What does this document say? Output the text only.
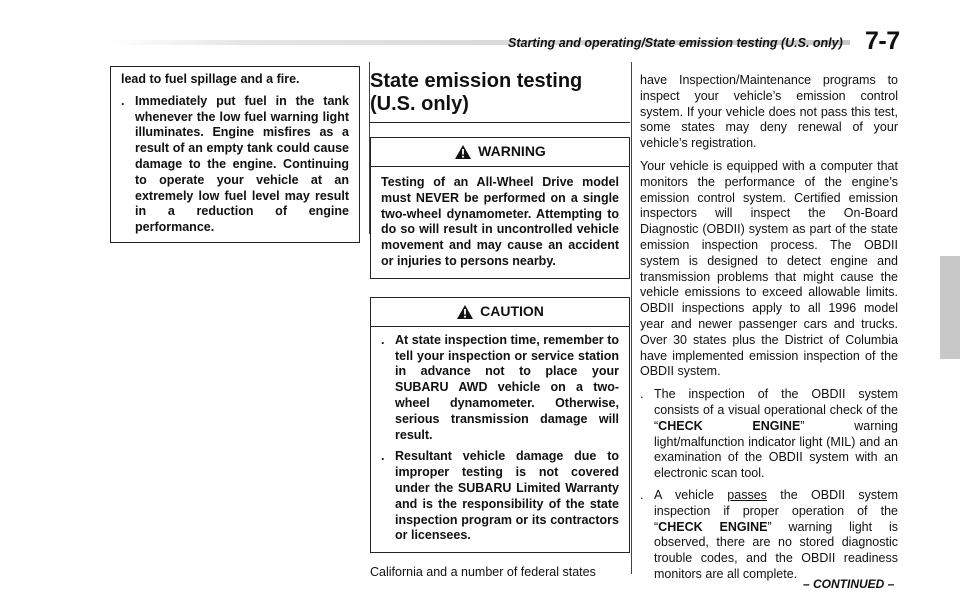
Starting and operating/State emission testing (U.S. only) 7-7

lead to fuel spillage and a fire.

. Immediately put fuel in the tank whenever the low fuel warning light illuminates. Engine misfires as a result of an empty tank could cause damage to the engine. Continuing to operate your vehicle at an extremely low fuel level may result in a reduction of engine performance.
State emission testing (U.S. only)
WARNING
Testing of an All-Wheel Drive model must NEVER be performed on a single two-wheel dynamometer. Attempting to do so will result in uncontrolled vehicle movement and may cause an accident or injuries to persons nearby.
CAUTION
. At state inspection time, remember to tell your inspection or service station in advance not to place your SUBARU AWD vehicle on a two-wheel dynamometer. Otherwise, serious transmission damage will result.
. Resultant vehicle damage due to improper testing is not covered under the SUBARU Limited Warranty and is the responsibility of the state inspection program or its contractors or licensees.
California and a number of federal states

have Inspection/Maintenance programs to inspect your vehicle’s emission control system. If your vehicle does not pass this test, some states may deny renewal of your vehicle’s registration.

Your vehicle is equipped with a computer that monitors the performance of the engine’s emission control system. Certified emission inspectors will inspect the On-Board Diagnostic (OBDII) system as part of the state emission inspection process. The OBDII system is designed to detect engine and transmission problems that might cause the vehicle emissions to exceed allowable limits. OBDII inspections apply to all 1996 model year and newer passenger cars and trucks. Over 30 states plus the District of Columbia have implemented emission inspection of the OBDII system.

. The inspection of the OBDII system consists of a visual operational check of the “CHECK ENGINE” warning light/malfunction indicator light (MIL) and an examination of the OBDII system with an electronic scan tool.
. A vehicle passes the OBDII system inspection if proper operation of the “CHECK ENGINE” warning light is observed, there are no stored diagnostic trouble codes, and the OBDII readiness monitors are all complete.
– CONTINUED –
